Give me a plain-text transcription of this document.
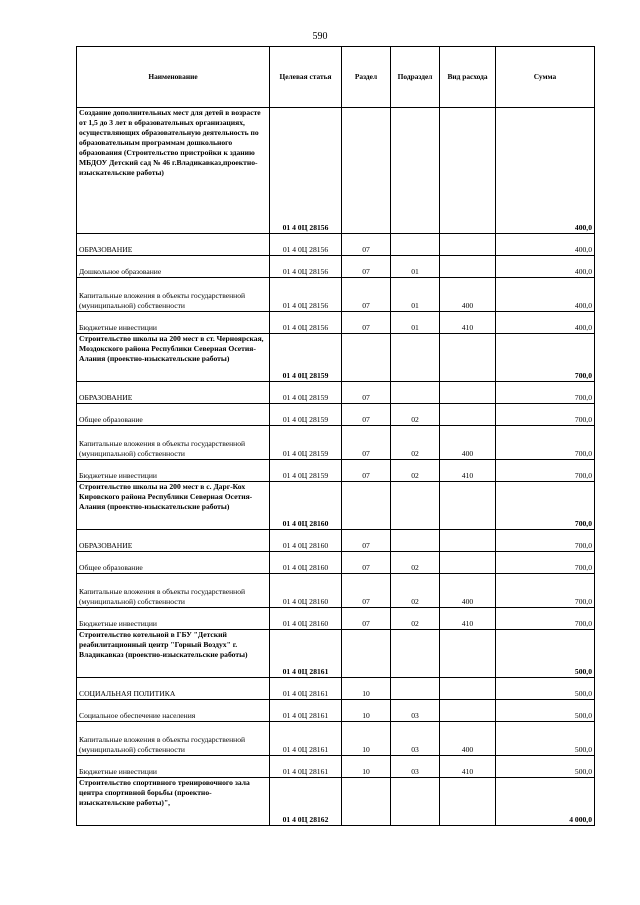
590
Наименование	Целевая статья	Раздел	Подраздел	Вид расхода	Сумма
Создание дополнительных мест для детей в возрасте от 1,5 до 3 лет в образовательных организациях, осуществляющих образовательную деятельность по образовательным программам дошкольного образования (Строительство пристройки к зданию МБДОУ Детский сад № 46 г.Владикавказ,проектно-изыскательские работы)	01 4 0Ц 28156				400,0
ОБРАЗОВАНИЕ	01 4 0Ц 28156	07			400,0
Дошкольное образование	01 4 0Ц 28156	07	01		400,0
Капитальные вложения в объекты государственной (муниципальной) собственности	01 4 0Ц 28156	07	01	400	400,0
Бюджетные инвестиции	01 4 0Ц 28156	07	01	410	400,0
Строительство школы на 200 мест в ст. Черноярская, Моздокского района Республики Северная Осетия-Алания (проектно-изыскательские работы)	01 4 0Ц 28159				700,0
ОБРАЗОВАНИЕ	01 4 0Ц 28159	07			700,0
Общее образование	01 4 0Ц 28159	07	02		700,0
Капитальные вложения в объекты государственной (муниципальной) собственности	01 4 0Ц 28159	07	02	400	700,0
Бюджетные инвестиции	01 4 0Ц 28159	07	02	410	700,0
Строительство школы на 200 мест в с. Дарг-Кох Кировского района Республики Северная Осетия-Алания (проектно-изыскательские работы)	01 4 0Ц 28160				700,0
ОБРАЗОВАНИЕ	01 4 0Ц 28160	07			700,0
Общее образование	01 4 0Ц 28160	07	02		700,0
Капитальные вложения в объекты государственной (муниципальной) собственности	01 4 0Ц 28160	07	02	400	700,0
Бюджетные инвестиции	01 4 0Ц 28160	07	02	410	700,0
Строительство котельной в ГБУ "Детский реабилитационный центр "Горный Воздух" г. Владикавказ (проектно-изыскательские работы)	01 4 0Ц 28161				500,0
СОЦИАЛЬНАЯ ПОЛИТИКА	01 4 0Ц 28161	10			500,0
Социальное обеспечение населения	01 4 0Ц 28161	10	03		500,0
Капитальные вложения в объекты государственной (муниципальной) собственности	01 4 0Ц 28161	10	03	400	500,0
Бюджетные инвестиции	01 4 0Ц 28161	10	03	410	500,0
Строительство спортивного тренировочного зала центра спортивной борьбы (проектно-изыскательские работы)",	01 4 0Ц 28162				4 000,0
